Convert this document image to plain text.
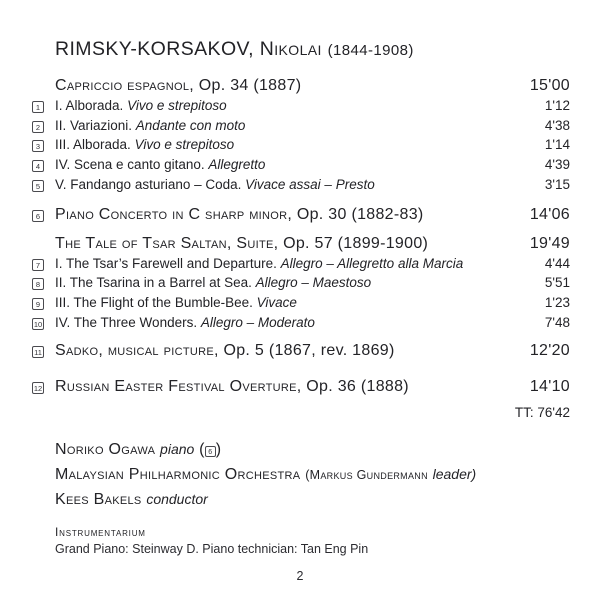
RIMSKY-KORSAKOV, Nikolai (1844-1908)
Capriccio espagnol, Op. 34 (1887)	15'00
1	I. Alborada. Vivo e strepitoso	1'12
2	II. Variazioni. Andante con moto	4'38
3	III. Alborada. Vivo e strepitoso	1'14
4	IV. Scena e canto gitano. Allegretto	4'39
5	V. Fandango asturiano – Coda. Vivace assai – Presto	3'15
6 Piano Concerto in C sharp minor, Op. 30 (1882-83)	14'06
The Tale of Tsar Saltan, Suite, Op. 57 (1899-1900)	19'49
7	I. The Tsar’s Farewell and Departure. Allegro – Allegretto alla Marcia	4'44
8	II. The Tsarina in a Barrel at Sea. Allegro – Maestoso	5'51
9	III. The Flight of the Bumble-Bee. Vivace	1'23
10 IV. The Three Wonders. Allegro – Moderato	7'48
11 Sadko, musical picture, Op. 5 (1867, rev. 1869)	12'20
12 Russian Easter Festival Overture, Op. 36 (1888)	14'10
TT: 76'42
Noriko Ogawa piano ( 6 )
Malaysian Philharmonic Orchestra (Markus Gundermann leader)
Kees Bakels conductor
Instrumentarium
Grand Piano: Steinway D. Piano technician: Tan Eng Pin
2
